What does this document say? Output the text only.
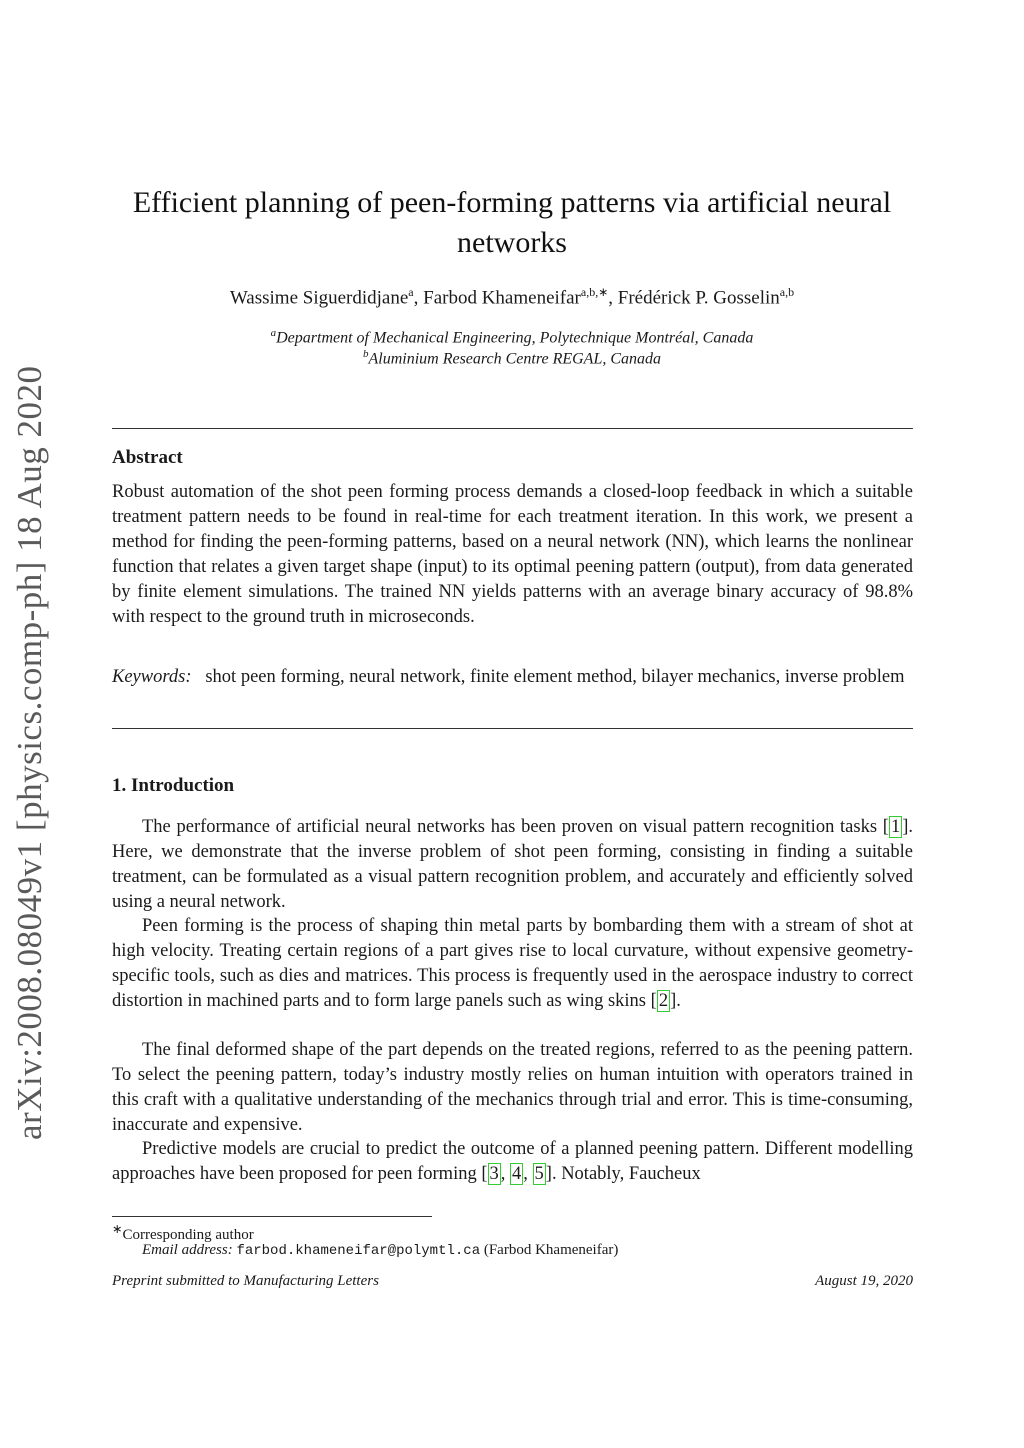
arXiv:2008.08049v1 [physics.comp-ph] 18 Aug 2020
Efficient planning of peen-forming patterns via artificial neural networks
Wassime Siguerdidjane$^a$, Farbod Khameneifar$^{a,b,∗}$, Frédérick P. Gosselin$^{a,b}$
$^a$Department of Mechanical Engineering, Polytechnique Montréal, Canada
$^b$Aluminium Research Centre REGAL, Canada
Abstract

Robust automation of the shot peen forming process demands a closed-loop feedback in which a suitable treatment pattern needs to be found in real-time for each treatment iteration. In this work, we present a method for finding the peen-forming patterns, based on a neural network (NN), which learns the nonlinear function that relates a given target shape (input) to its optimal peening pattern (output), from data generated by finite element simulations. The trained NN yields patterns with an average binary accuracy of 98.8% with respect to the ground truth in microseconds.

Keywords: shot peen forming, neural network, finite element method, bilayer mechanics, inverse problem

1. Introduction

The performance of artificial neural networks has been proven on visual pattern recognition tasks [ 1 ]. Here, we demonstrate that the inverse problem of shot peen forming, consisting in finding a suitable treatment, can be formulated as a visual pattern recognition problem, and accurately and efficiently solved using a neural network.

Peen forming is the process of shaping thin metal parts by bombarding them with a stream of shot at high velocity. Treating certain regions of a part gives rise to local curvature, without expensive geometry-specific tools, such as dies and matrices. This process is frequently used in the aerospace industry to correct distortion in machined parts and to form large panels such as wing skins [ 2 ].

The final deformed shape of the part depends on the treated regions, referred to as the peening pattern. To select the peening pattern, today’s industry mostly relies on human intuition with operators trained in this craft with a qualitative understanding of the mechanics through trial and error. This is time-consuming, inaccurate and expensive.

Predictive models are crucial to predict the outcome of a planned peening pattern. Different modelling approaches have been proposed for peen forming [ 3 , 4 , 5 ]. Notably, Faucheux

∗Corresponding author
Email address: farbod.khameneifar@polymtl.ca (Farbod Khameneifar)
Preprint submitted to Manufacturing Letters	August 19, 2020
